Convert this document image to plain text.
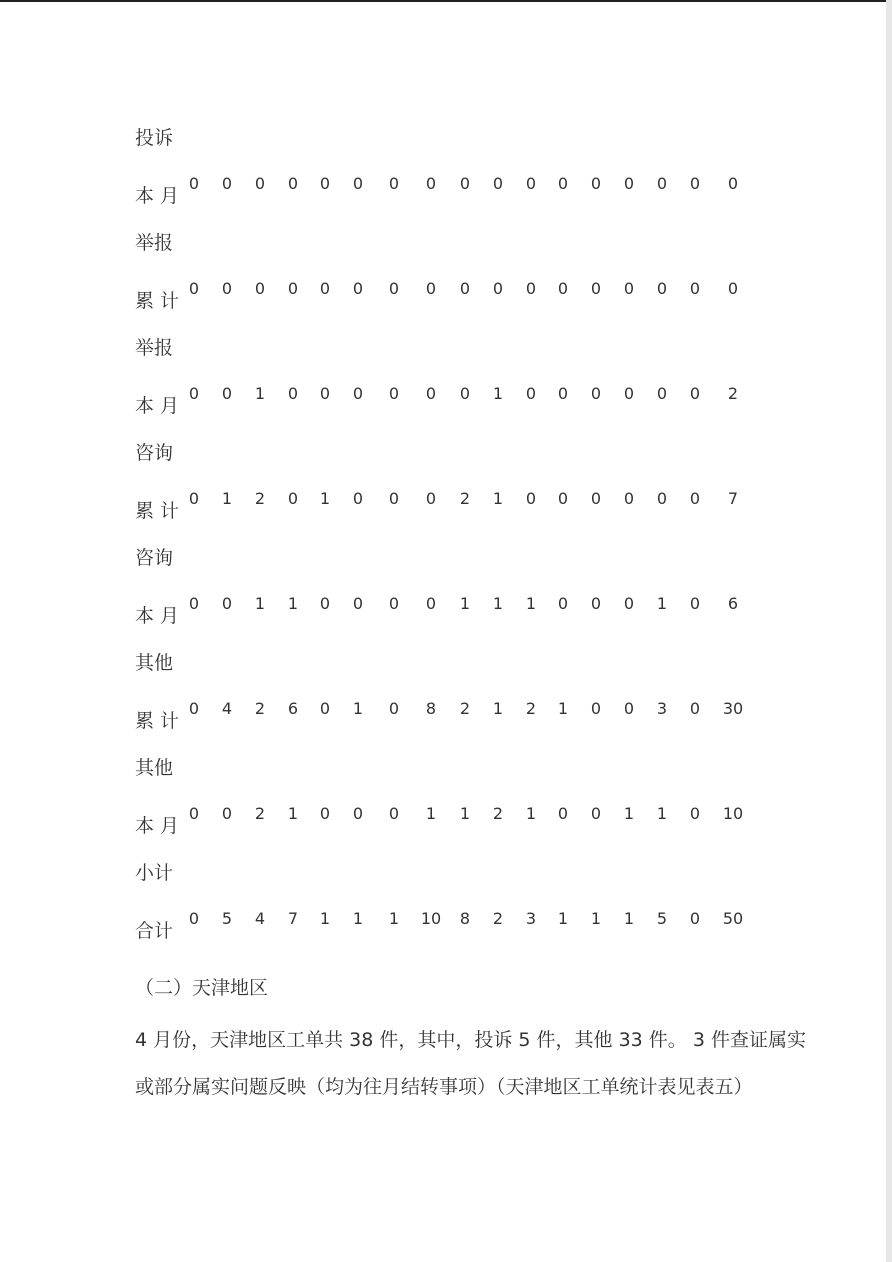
投诉
本 月
0	0	0	0	0	0	0	0	0	0	0	0	0	0	0	0	0
举报
累 计
0	0	0	0	0	0	0	0	0	0	0	0	0	0	0	0	0
举报
本 月
0	0	1	0	0	0	0	0	0	1	0	0	0	0	0	0	2
咨询
累 计
0	1	2	0	1	0	0	0	2	1	0	0	0	0	0	0	7
咨询
本 月
0	0	1	1	0	0	0	0	1	1	1	0	0	0	1	0	6
其他
累 计
0	4	2	6	0	1	0	8	2	1	2	1	0	0	3	0	30
其他
本 月
0	0	2	1	0	0	0	1	1	2	1	0	0	1	1	0	10
小计
合计
0	5	4	7	1	1	1	10	8	2	3	1	1	1	5	0	50
（二）天津地区
4 月份，天津地区工单共 38 件，其中，投诉 5 件，其他 33 件。 3 件查证属实
或部分属实问题反映（均为往月结转事项）（天津地区工单统计表见表五）
